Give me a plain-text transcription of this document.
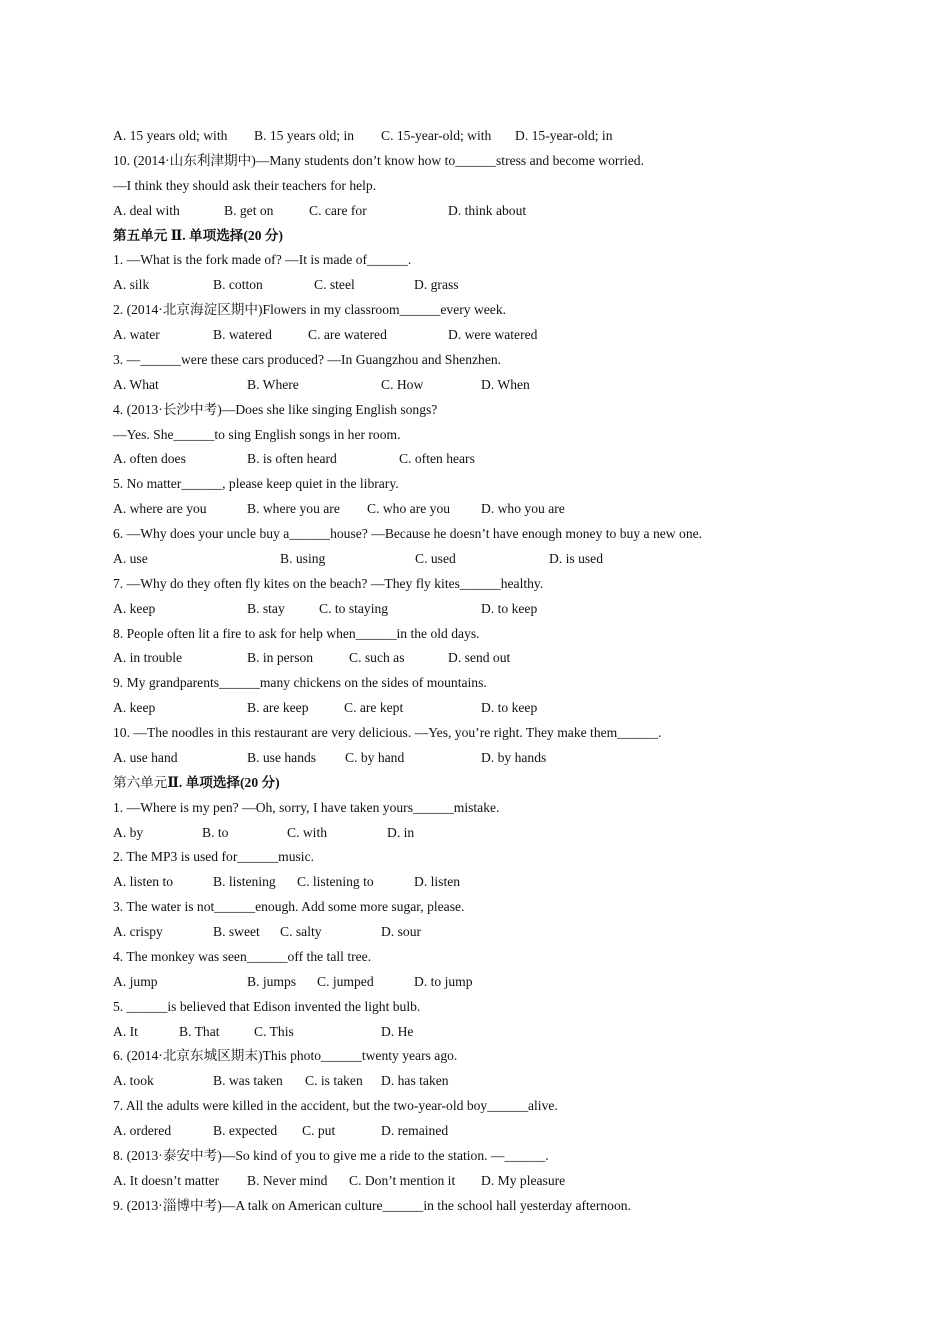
A. 15 years old; with B. 15 years old; in C. 15-year-old; with D. 15-year-old; in
10. (2014·山东利津期中)—Many students don’t know how to______stress and become worried.
—I think they should ask their teachers for help.
A. deal with	B. get on	C. care for	D. think about
第五单元 Ⅱ. 单项选择(20 分)
1. —What is the fork made of? —It is made of______.
A. silk	B. cotton	C. steel	D. grass
2. (2014·北京海淀区期中)Flowers in my classroom______every week.
A. water	B. watered	C. are watered	D. were watered
3. —______were these cars produced? —In Guangzhou and Shenzhen.
A. What	B. Where	C. How	D. When
4. (2013·长沙中考)—Does she like singing English songs?
—Yes. She______to sing English songs in her room.
A. often does	B. is often heard	C. often hears
5. No matter______, please keep quiet in the library.
A. where are you	B. where you are C. who are you D. who you are
6. —Why does your uncle buy a______house? —Because he doesn’t have enough money to buy a new one.
A. use	B. using	C. used	D. is used
7. —Why do they often fly kites on the beach? —They fly kites______healthy.
A. keep	B. stay	C. to staying	D. to keep
8. People often lit a fire to ask for help when______in the old days.
A. in trouble	B. in person	C. such as	D. send out
9. My grandparents______many chickens on the sides of mountains.
A. keep	B. are keep	C. are kept	D. to keep
10. —The noodles in this restaurant are very delicious. —Yes, you’re right. They make them______.
A. use hand	B. use hands C. by hand	D. by hands
第六单元Ⅱ. 单项选择(20 分)
1. —Where is my pen? —Oh, sorry, I have taken yours______mistake.
A. by	B. to	C. with	D. in
2. The MP3 is used for______music.
A. listen to	B. listening C. listening to	D. listen
3. The water is not______enough. Add some more sugar, please.
A. crispy	B. sweet C. salty	D. sour
4. The monkey was seen______off the tall tree.
A. jump	B. jumps C. jumped	D. to jump
5. ______is believed that Edison invented the light bulb.
A. It	B. That	C. This	D. He
6. (2014·北京东城区期末)This photo______twenty years ago.
A. took	B. was taken C. is taken D. has taken
7. All the adults were killed in the accident, but the two-year-old boy______alive.
A. ordered	B. expected C. put	D. remained
8. (2013·泰安中考)—So kind of you to give me a ride to the station. —______.
A. It doesn’t matter B. Never mind C. Don’t mention it D. My pleasure
9. (2013·淄博中考)—A talk on American culture______in the school hall yesterday afternoon.
